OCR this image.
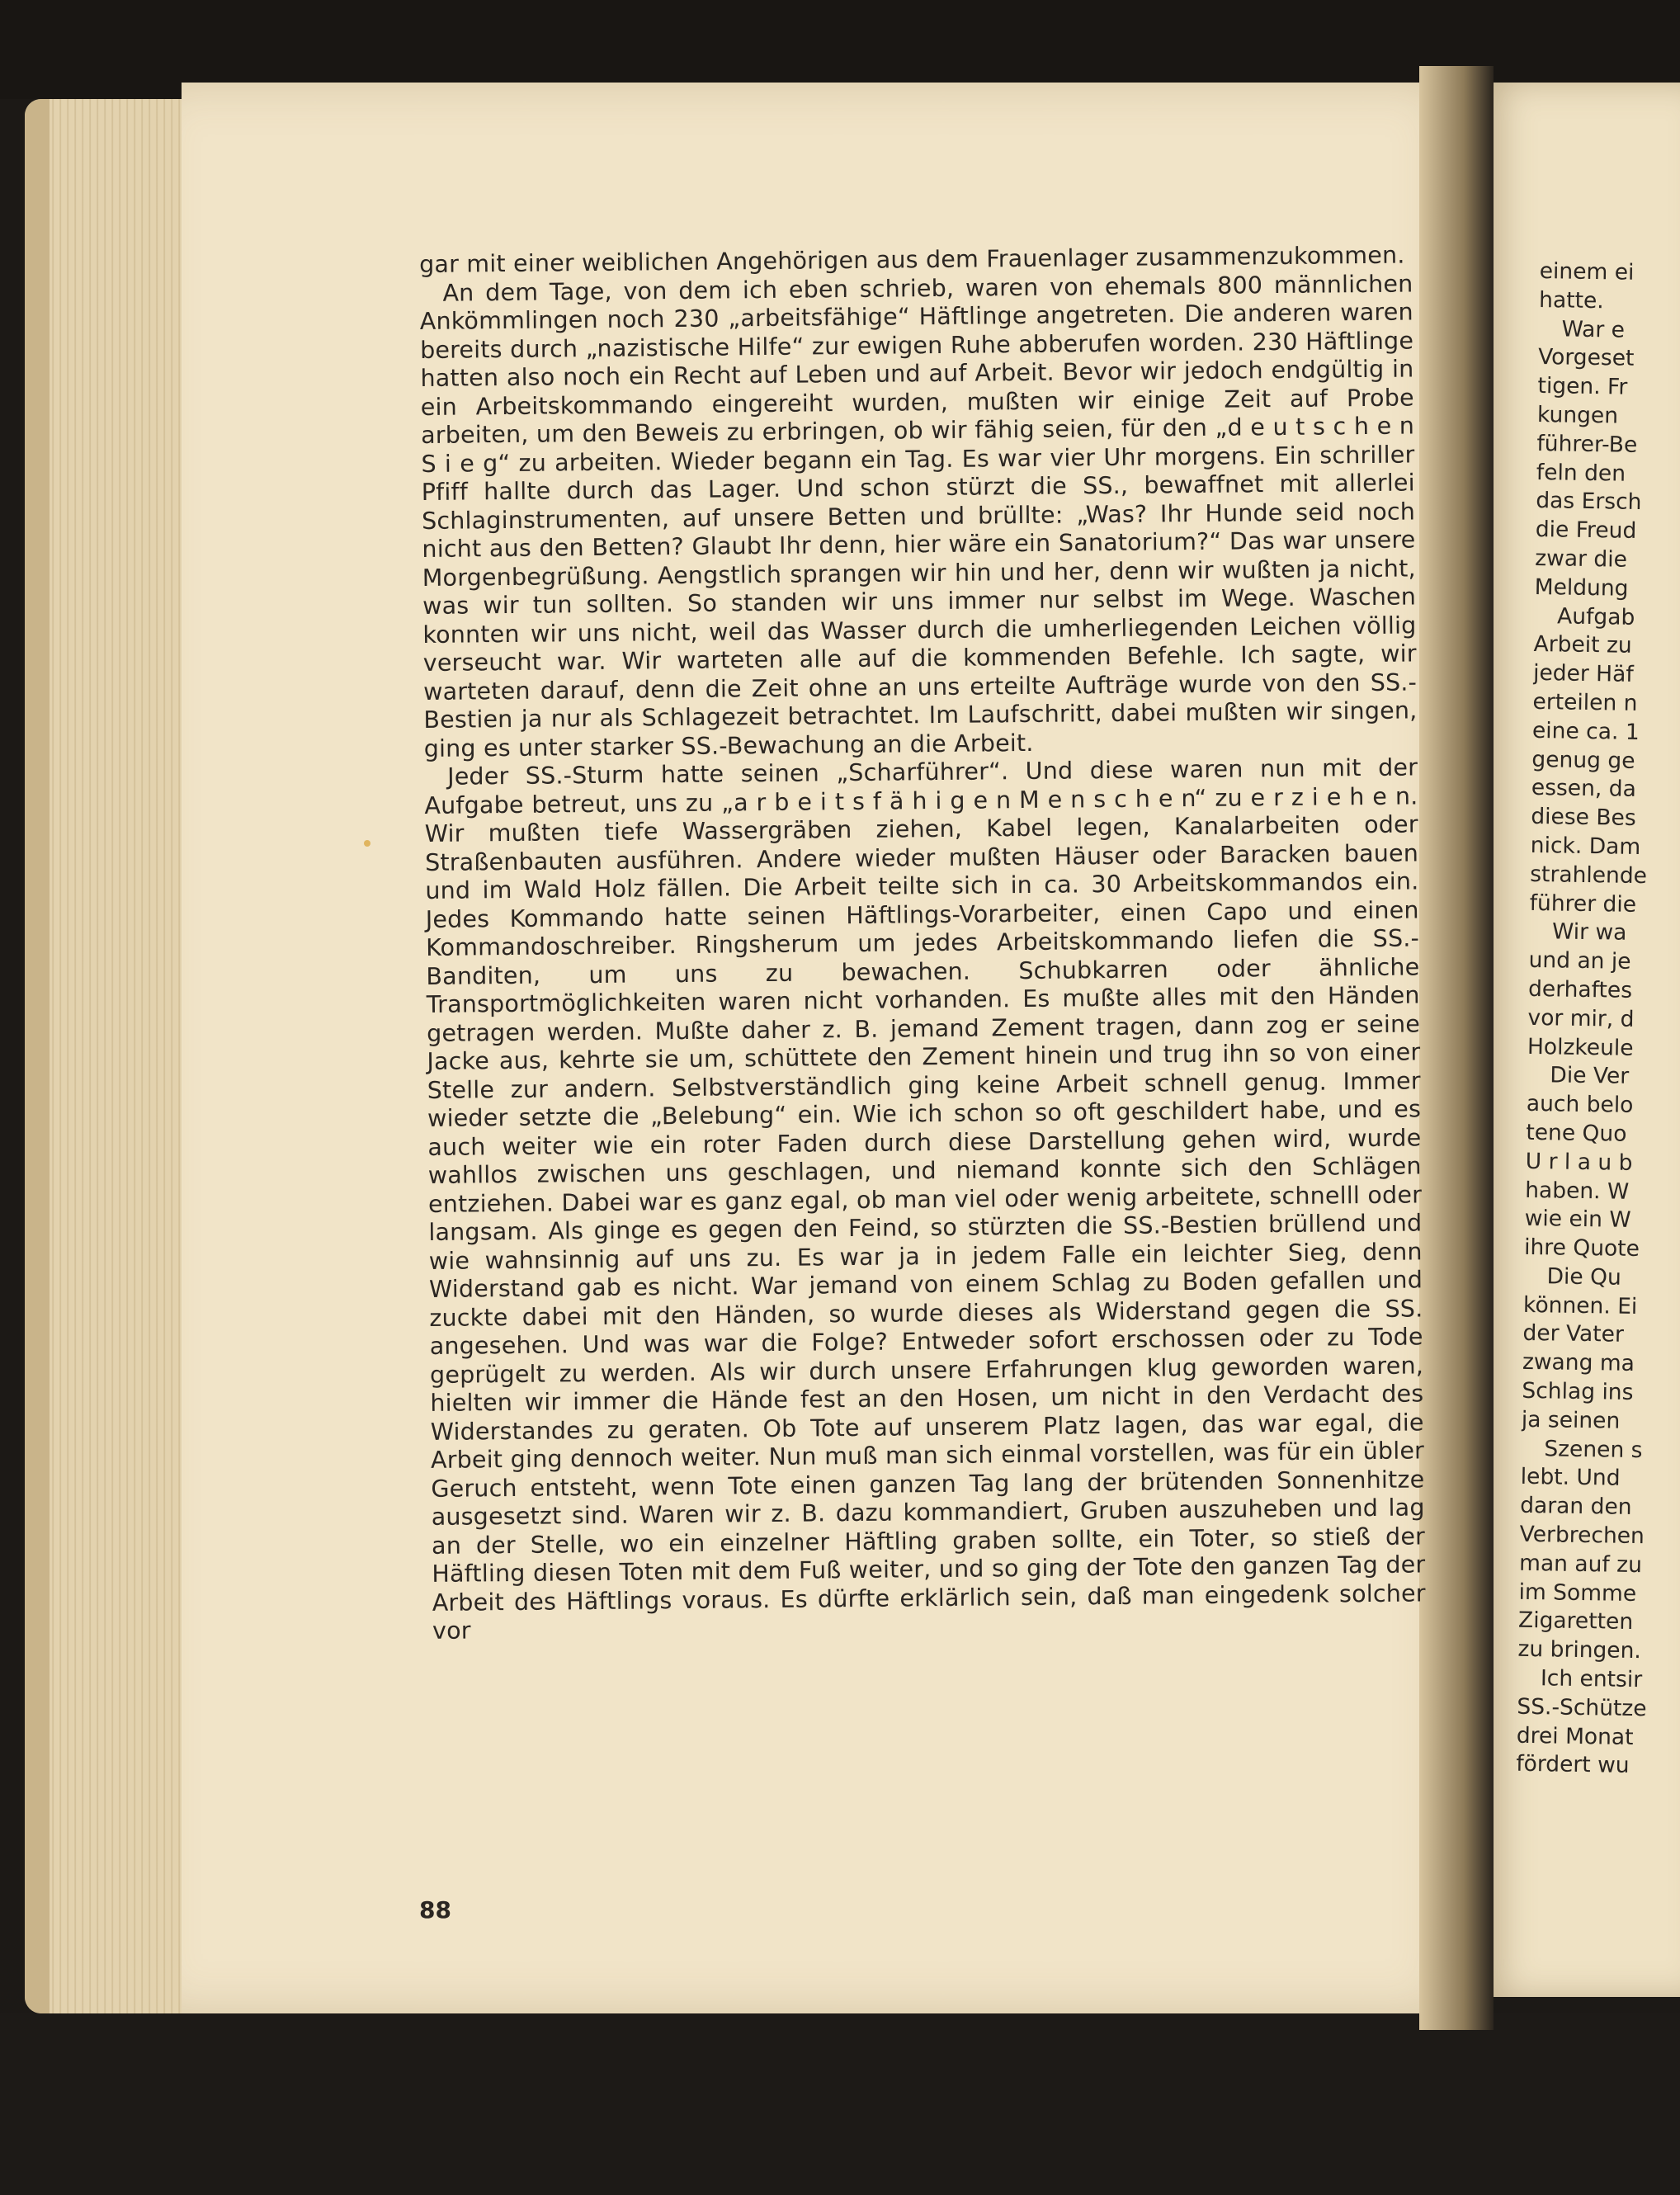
gar mit einer weiblichen Angehörigen aus dem Frauenlager zusammenzukommen.

An dem Tage, von dem ich eben schrieb, waren von ehemals 800 männlichen Ankömmlingen noch 230 „arbeitsfähige“ Häftlinge angetreten. Die anderen waren bereits durch „nazistische Hilfe“ zur ewigen Ruhe abberufen worden. 230 Häftlinge hatten also noch ein Recht auf Leben und auf Arbeit. Bevor wir jedoch endgültig in ein Arbeitskommando eingereiht wurden, mußten wir einige Zeit auf Probe arbeiten, um den Beweis zu erbringen, ob wir fähig seien, für den „d e u t s c h e n S i e g“ zu arbeiten. Wieder begann ein Tag. Es war vier Uhr morgens. Ein schriller Pfiff hallte durch das Lager. Und schon stürzt die SS., bewaffnet mit allerlei Schlaginstrumenten, auf unsere Betten und brüllte: „Was? Ihr Hunde seid noch nicht aus den Betten? Glaubt Ihr denn, hier wäre ein Sanatorium?“ Das war unsere Morgenbegrüßung. Aengstlich sprangen wir hin und her, denn wir wußten ja nicht, was wir tun sollten. So standen wir uns immer nur selbst im Wege. Waschen konnten wir uns nicht, weil das Wasser durch die umherliegenden Leichen völlig verseucht war. Wir warteten alle auf die kommenden Befehle. Ich sagte, wir warteten darauf, denn die Zeit ohne an uns erteilte Aufträge wurde von den SS.-Bestien ja nur als Schlagezeit betrachtet. Im Laufschritt, dabei mußten wir singen, ging es unter starker SS.-Bewachung an die Arbeit.

Jeder SS.-Sturm hatte seinen „Scharführer“. Und diese waren nun mit der Aufgabe betreut, uns zu „a r b e i t s f ä h i g e n M e n s c h e n“ zu e r z i e h e n. Wir mußten tiefe Wassergräben ziehen, Kabel legen, Kanalarbeiten oder Straßenbauten ausführen. Andere wieder mußten Häuser oder Baracken bauen und im Wald Holz fällen. Die Arbeit teilte sich in ca. 30 Arbeitskommandos ein. Jedes Kommando hatte seinen Häftlings-Vorarbeiter, einen Capo und einen Kommandoschreiber. Ringsherum um jedes Arbeitskommando liefen die SS.-Banditen, um uns zu bewachen. Schubkarren oder ähnliche Transportmöglichkeiten waren nicht vorhanden. Es mußte alles mit den Händen getragen werden. Mußte daher z. B. jemand Zement tragen, dann zog er seine Jacke aus, kehrte sie um, schüttete den Zement hinein und trug ihn so von einer Stelle zur andern. Selbstverständlich ging keine Arbeit schnell genug. Immer wieder setzte die „Belebung“ ein. Wie ich schon so oft geschildert habe, und es auch weiter wie ein roter Faden durch diese Darstellung gehen wird, wurde wahllos zwischen uns geschlagen, und niemand konnte sich den Schlägen entziehen. Dabei war es ganz egal, ob man viel oder wenig arbeitete, schnelll oder langsam. Als ginge es gegen den Feind, so stürzten die SS.-Bestien brüllend und wie wahnsinnig auf uns zu. Es war ja in jedem Falle ein leichter Sieg, denn Widerstand gab es nicht. War jemand von einem Schlag zu Boden gefallen und zuckte dabei mit den Händen, so wurde dieses als Widerstand gegen die SS. angesehen. Und was war die Folge? Entweder sofort erschossen oder zu Tode geprügelt zu werden. Als wir durch unsere Erfahrungen klug geworden waren, hielten wir immer die Hände fest an den Hosen, um nicht in den Verdacht des Widerstandes zu geraten. Ob Tote auf unserem Platz lagen, das war egal, die Arbeit ging dennoch weiter. Nun muß man sich einmal vorstellen, was für ein übler Geruch entsteht, wenn Tote einen ganzen Tag lang der brütenden Sonnenhitze ausgesetzt sind. Waren wir z. B. dazu kommandiert, Gruben auszuheben und lag an der Stelle, wo ein einzelner Häftling graben sollte, ein Toter, so stieß der Häftling diesen Toten mit dem Fuß weiter, und so ging der Tote den ganzen Tag der Arbeit des Häftlings voraus. Es dürfte erklärlich sein, daß man eingedenk solcher vor

88
einem ei
hatte.
War e
Vorgeset
tigen. Fr
kungen
führer-Be
feln den
das Ersch
die Freud
zwar die
Meldung
Aufgab
Arbeit zu
jeder Häf
erteilen n
eine ca. 1
genug ge
essen, da
diese Bes
nick. Dam
strahlende
führer die
Wir wa
und an je
derhaftes
vor mir, d
Holzkeule
Die Ver
auch belo
tene Quo
U r l a u b
haben. W
wie ein W
ihre Quote
Die Qu
können. Ei
der Vater
zwang ma
Schlag ins
ja seinen
Szenen s
lebt. Und
daran den
Verbrechen
man auf zu
im Somme
Zigaretten
zu bringen.
Ich entsir
SS.-Schütze
drei Monat
fördert wu
